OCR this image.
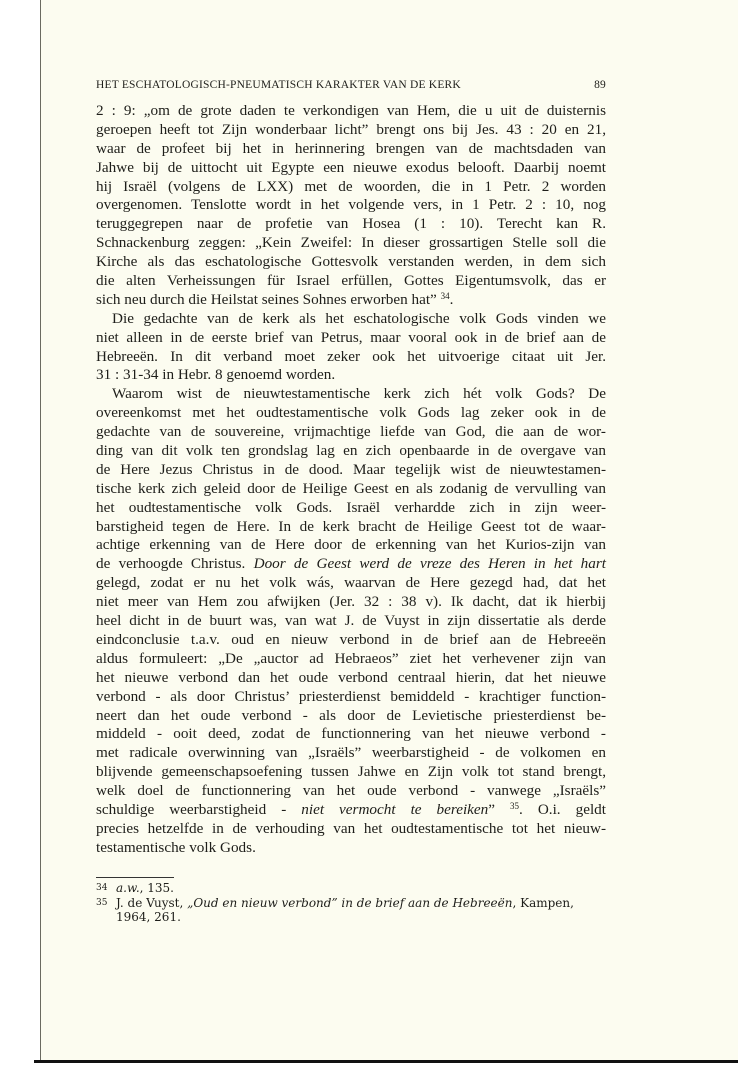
HET ESCHATOLOGISCH-PNEUMATISCH KARAKTER VAN DE KERK	89
2 : 9: „om de grote daden te verkondigen van Hem, die u uit de duisternis
geroepen heeft tot Zijn wonderbaar licht” brengt ons bij Jes. 43 : 20 en 21,
waar de profeet bij het in herinnering brengen van de machtsdaden van
Jahwe bij de uittocht uit Egypte een nieuwe exodus belooft. Daarbij noemt
hij Israël (volgens de LXX) met de woorden, die in 1 Petr. 2 worden
overgenomen. Tenslotte wordt in het volgende vers, in 1 Petr. 2 : 10, nog
teruggegrepen naar de profetie van Hosea (1 : 10). Terecht kan R.
Schnackenburg zeggen: „Kein Zweifel: In dieser grossartigen Stelle soll die
Kirche als das eschatologische Gottesvolk verstanden werden, in dem sich
die alten Verheissungen für Israel erfüllen, Gottes Eigentumsvolk, das er
sich neu durch die Heilstat seines Sohnes erworben hat” $^{34}$.
Die gedachte van de kerk als het eschatologische volk Gods vinden we
niet alleen in de eerste brief van Petrus, maar vooral ook in de brief aan de
Hebreeën. In dit verband moet zeker ook het uitvoerige citaat uit Jer.
31 : 31-34 in Hebr. 8 genoemd worden.
Waarom wist de nieuwtestamentische kerk zich hét volk Gods? De
overeenkomst met het oudtestamentische volk Gods lag zeker ook in de
gedachte van de souvereine, vrijmachtige liefde van God, die aan de wor-
ding van dit volk ten grondslag lag en zich openbaarde in de overgave van
de Here Jezus Christus in de dood. Maar tegelijk wist de nieuwtestamen-
tische kerk zich geleid door de Heilige Geest en als zodanig de vervulling van
het oudtestamentische volk Gods. Israël verhardde zich in zijn weer-
barstigheid tegen de Here. In de kerk bracht de Heilige Geest tot de waar-
achtige erkenning van de Here door de erkenning van het Kurios-zijn van
de verhoogde Christus. Door de Geest werd de vreze des Heren in het hart
gelegd, zodat er nu het volk wás, waarvan de Here gezegd had, dat het
niet meer van Hem zou afwijken (Jer. 32 : 38 v). Ik dacht, dat ik hierbij
heel dicht in de buurt was, van wat J. de Vuyst in zijn dissertatie als derde
eindconclusie t.a.v. oud en nieuw verbond in de brief aan de Hebreeën
aldus formuleert: „De „auctor ad Hebraeos” ziet het verhevener zijn van
het nieuwe verbond dan het oude verbond centraal hierin, dat het nieuwe
verbond - als door Christus’ priesterdienst bemiddeld - krachtiger function-
neert dan het oude verbond - als door de Levietische priesterdienst be-
middeld - ooit deed, zodat de functionnering van het nieuwe verbond -
met radicale overwinning van „Israëls” weerbarstigheid - de volkomen en
blijvende gemeenschapsoefening tussen Jahwe en Zijn volk tot stand brengt,
welk doel de functionnering van het oude verbond - vanwege „Israëls”
schuldige weerbarstigheid - niet vermocht te bereiken” $^{35}$. O.i. geldt
precies hetzelfde in de verhouding van het oudtestamentische tot het nieuw-
testamentische volk Gods.
34 a.w., 135.
35 J. de Vuyst, „Oud en nieuw verbond” in de brief aan de Hebreeën, Kampen, 1964, 261.
